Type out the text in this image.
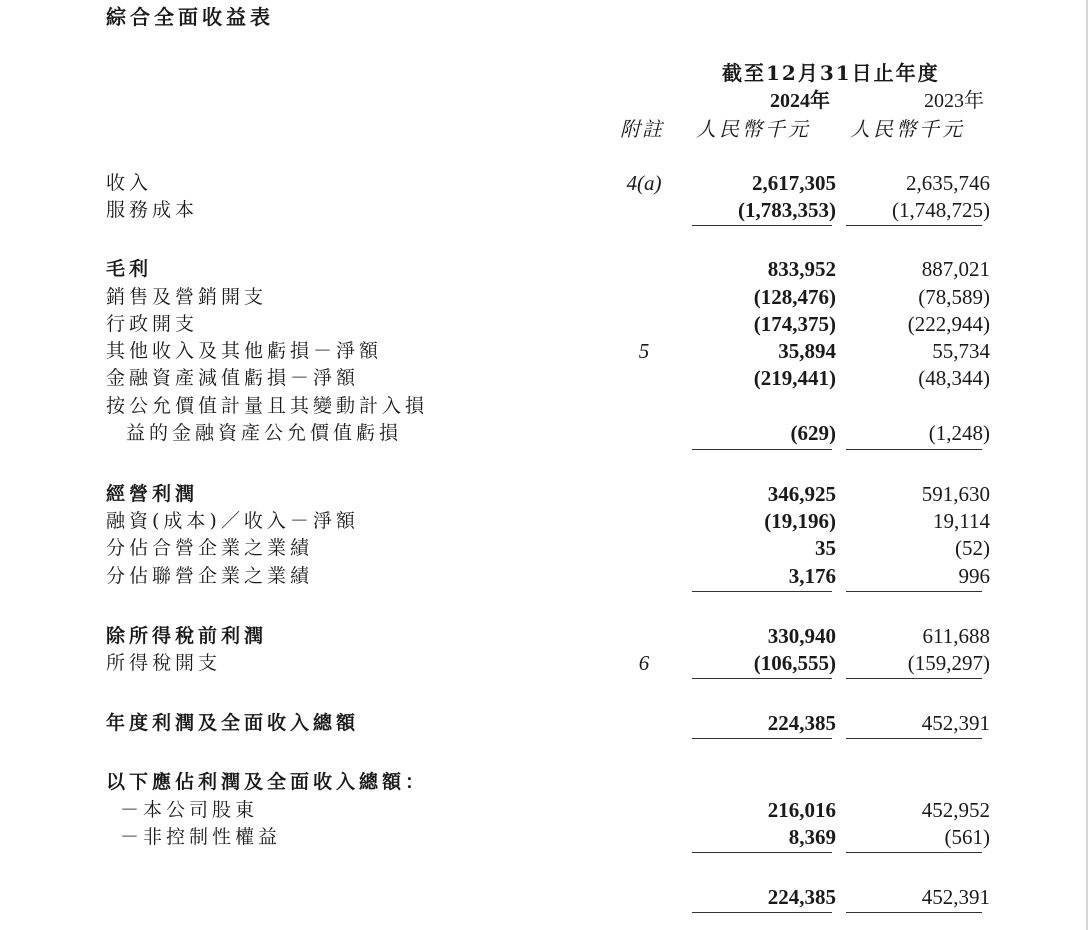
綜合全面收益表
截至12月31日止年度
2024年	2023年
附註 人民幣千元 人民幣千元
收入	4(a)	2,617,305	2,635,746
服務成本	(1,783,353)	(1,748,725)
毛利	833,952	887,021
銷售及營銷開支	(128,476)	(78,589)
行政開支	(174,375)	(222,944)
其他收入及其他虧損－淨額	5	35,894	55,734
金融資產減值虧損－淨額	(219,441)	(48,344)
按公允價值計量且其變動計入損
益的金融資產公允價值虧損	(629)	(1,248)
經營利潤	346,925	591,630
融資(成本)／收入－淨額	(19,196)	19,114
分佔合營企業之業績	35	(52)
分佔聯營企業之業績	3,176	996
除所得稅前利潤	330,940	611,688
所得稅開支	6	(106,555)	(159,297)
年度利潤及全面收入總額	224,385	452,391
以下應佔利潤及全面收入總額：
－本公司股東	216,016	452,952
－非控制性權益	8,369	(561)
224,385	452,391
